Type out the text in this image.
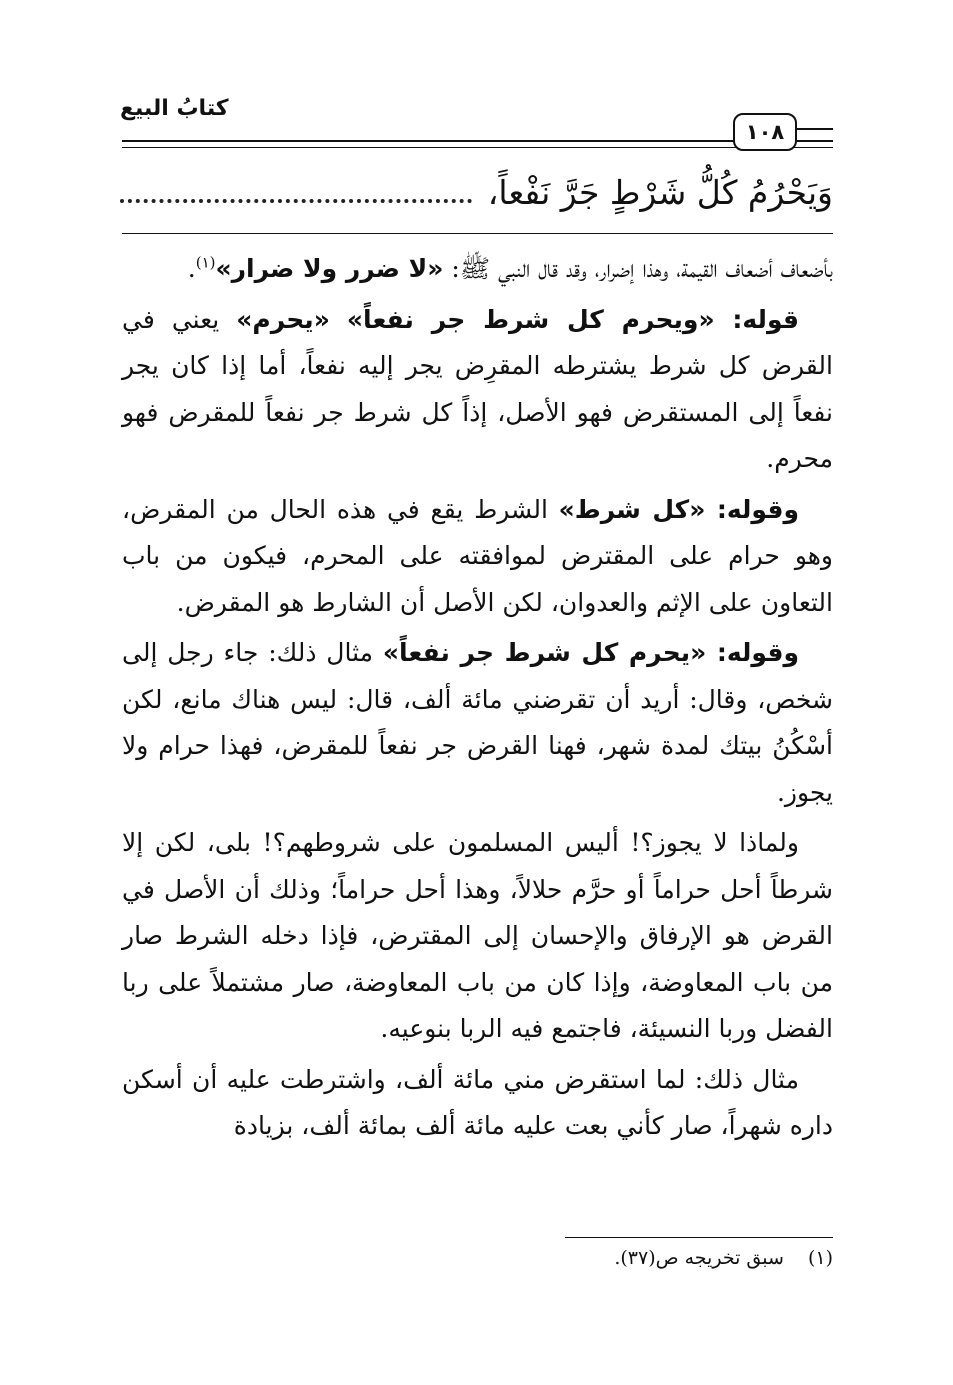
كتابُ البيع
١٠٨
وَيَحْرُمُ كُلُّ شَرْطٍ جَرَّ نَفْعاً،

بأضعاف أضعاف القيمة، وهذا إضرار، وقد قال النبي ﷺ: «لا ضرر ولا ضرار»$^{(١)}$.

قوله: «ويحرم كل شرط جر نفعاً» «يحرم» يعني في القرض كل شرط يشترطه المقرِض يجر إليه نفعاً، أما إذا كان يجر نفعاً إلى المستقرض فهو الأصل، إذاً كل شرط جر نفعاً للمقرض فهو محرم.

وقوله: «كل شرط» الشرط يقع في هذه الحال من المقرض، وهو حرام على المقترض لموافقته على المحرم، فيكون من باب التعاون على الإثم والعدوان، لكن الأصل أن الشارط هو المقرض.

وقوله: «يحرم كل شرط جر نفعاً» مثال ذلك: جاء رجل إلى شخص، وقال: أريد أن تقرضني مائة ألف، قال: ليس هناك مانع، لكن أسْكُنُ بيتك لمدة شهر، فهنا القرض جر نفعاً للمقرض، فهذا حرام ولا يجوز.

ولماذا لا يجوز؟! أليس المسلمون على شروطهم؟! بلى، لكن إلا شرطاً أحل حراماً أو حرَّم حلالاً، وهذا أحل حراماً؛ وذلك أن الأصل في القرض هو الإرفاق والإحسان إلى المقترض، فإذا دخله الشرط صار من باب المعاوضة، وإذا كان من باب المعاوضة، صار مشتملاً على ربا الفضل وربا النسيئة، فاجتمع فيه الربا بنوعيه.

مثال ذلك: لما استقرض مني مائة ألف، واشترطت عليه أن أسكن داره شهراً، صار كأني بعت عليه مائة ألف بمائة ألف، بزيادة

(١)سبق تخريجه ص(٣٧).
